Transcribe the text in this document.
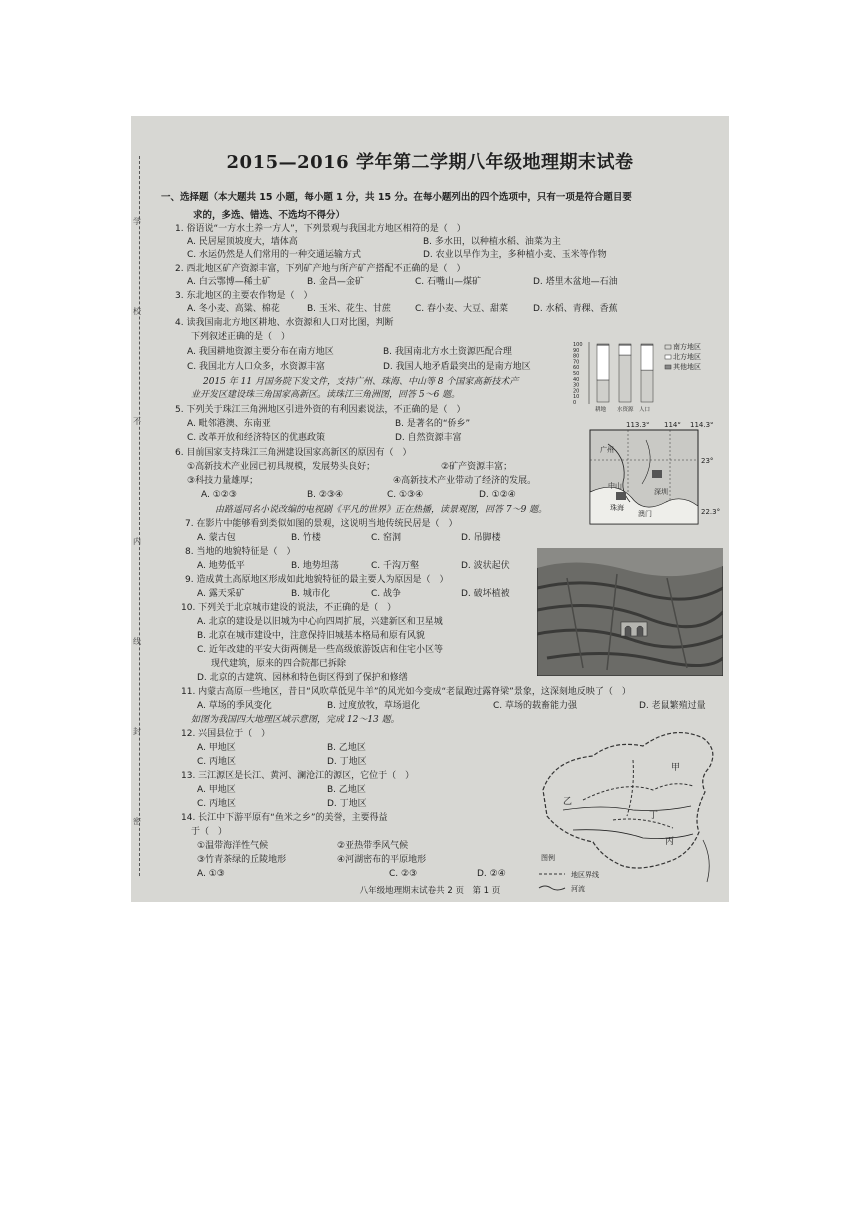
学
校
不
内
线
封
密
2015—2016 学年第二学期八年级地理期末试卷
一、选择题（本大题共 15 小题，每小题 1 分，共 15 分。在每小题列出的四个选项中，只有一项是符合题目要
求的，多选、错选、不选均不得分）
1. 俗语说“一方水土养一方人”，下列景观与我国北方地区相符的是（　）
A. 民居屋顶坡度大，墙体高	B. 多水田，以种植水稻、油菜为主
C. 水运仍然是人们常用的一种交通运输方式	D. 农业以旱作为主，多种植小麦、玉米等作物
2. 西北地区矿产资源丰富，下列矿产地与所产矿产搭配不正确的是（　）
A. 白云鄂博—稀土矿	B. 金昌—金矿	C. 石嘴山—煤矿	D. 塔里木盆地—石油
3. 东北地区的主要农作物是（　）
A. 冬小麦、高粱、棉花	B. 玉米、花生、甘蔗	C. 春小麦、大豆、甜菜	D. 水稻、青稞、香蕉
4. 读我国南北方地区耕地、水资源和人口对比图，判断
下列叙述正确的是（　）
A. 我国耕地资源主要分布在南方地区	B. 我国南北方水土资源匹配合理
C. 我国北方人口众多，水资源丰富	D. 我国人地矛盾最突出的是南方地区
2015 年 11 月国务院下发文件，支持广州、珠海、中山等 8 个国家高新技术产
业开发区建设珠三角国家高新区。读珠江三角洲图，回答 5～6 题。
5. 下列关于珠江三角洲地区引进外资的有利因素说法，不正确的是（　）
A. 毗邻港澳、东南亚	B. 是著名的“侨乡”
C. 改革开放和经济特区的优惠政策	D. 自然资源丰富
6. 目前国家支持珠江三角洲建设国家高新区的原因有（　）
①高新技术产业园已初具规模，发展势头良好；	②矿产资源丰富；
③科技力量雄厚；	④高新技术产业带动了经济的发展。
A. ①②③	B. ②③④	C. ①③④	D. ①②④
由路遥同名小说改编的电视剧《平凡的世界》正在热播，读景观图，回答 7～9 题。
7. 在影片中能够看到类似如图的景观，这说明当地传统民居是（　）
A. 蒙古包	B. 竹楼	C. 窑洞	D. 吊脚楼
8. 当地的地貌特征是（　）
A. 地势低平	B. 地势坦荡	C. 千沟万壑	D. 波状起伏
9. 造成黄土高原地区形成如此地貌特征的最主要人为原因是（　）
A. 露天采矿	B. 城市化	C. 战争	D. 破坏植被
10. 下列关于北京城市建设的说法，不正确的是（　）
A. 北京的建设是以旧城为中心向四周扩展，兴建新区和卫星城
B. 北京在城市建设中，注意保持旧城基本格局和原有风貌
C. 近年改建的平安大街两侧是一些高级旅游饭店和住宅小区等
现代建筑，原来的四合院都已拆除
D. 北京的古建筑、园林和特色街区得到了保护和修缮
11. 内蒙古高原一些地区，昔日“风吹草低见牛羊”的风光如今变成“老鼠跑过露脊梁”景象，这深刻地反映了（　）
A. 草场的季风变化	B. 过度放牧，草场退化	C. 草场的载畜能力强	D. 老鼠繁殖过量
如图为我国四大地理区域示意图，完成 12～13 题。
12. 兴国县位于（　）
A. 甲地区	B. 乙地区
C. 丙地区	D. 丁地区
13. 三江源区是长江、黄河、澜沧江的源区，它位于（　）
A. 甲地区	B. 乙地区
C. 丙地区	D. 丁地区
14. 长江中下游平原有“鱼米之乡”的美誉，主要得益
于（　）
①温带海洋性气候	②亚热带季风气候
③竹青茶绿的丘陵地形	④河湖密布的平原地形
A. ①③	C. ②③	D. ②④
八年级地理期末试卷共 2 页　第 1 页
100
90
80
70
60
50
40
30
20
10
0
耕地 水资源 人口
南方地区
北方地区
其他地区
113.3° 114° 114.3°
23°
22.3°
广州
中山
深圳
珠海
澳门
甲
乙
丙
丁
图例
地区界线
河流
